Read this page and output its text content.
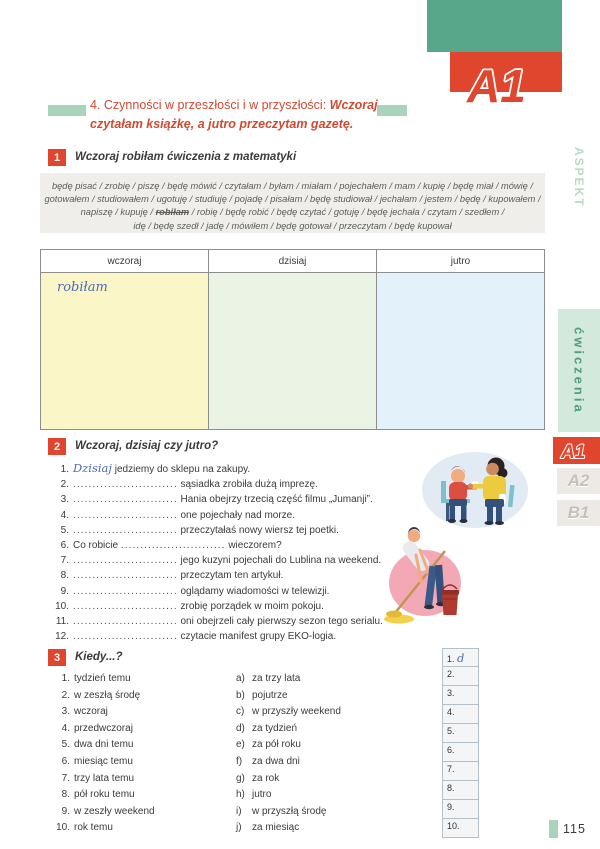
A1
ASPEKT
ćwiczenia
A1
A2
B1
4. Czynności w przeszłości i w przyszłości: Wczoraj
czytałam książkę, a jutro przeczytam gazetę.
1	Wczoraj robiłam ćwiczenia z matematyki
będę pisać / zrobię / piszę / będę mówić / czytałam / byłam / miałam / pojechałem / mam / kupię / będę miał / mówię /
gotowałem / studiowałem / ugotuję / studiuję / pojadę / pisałam / będę studiował / jechałam / jestem / będę / kupowałem /
napiszę / kupuję / robiłam / robię / będę robić / będę czytać / gotuję / będę jechała / czytam / szedłem /
idę / będę szedł / jadę / mówiłem / będę gotował / przeczytam / będę kupował
wczoraj	dzisiaj	jutro
robiłam		
2	Wczoraj, dzisiaj czy jutro?
1. Dzisiaj jedziemy do sklepu na zakupy.
2. ........................... sąsiadka zrobiła dużą imprezę.
3. ........................... Hania obejrzy trzecią część filmu „Jumanji”.
4. ........................... one pojechały nad morze.
5. ........................... przeczytałaś nowy wiersz tej poetki.
6. Co robicie ........................... wieczorem?
7. ........................... jego kuzyni pojechali do Lublina na weekend.
8. ........................... przeczytam ten artykuł.
9. ........................... oglądamy wiadomości w telewizji.
10. ........................... zrobię porządek w moim pokoju.
11. ........................... oni obejrzeli cały pierwszy sezon tego serialu.
12. ........................... czytacie manifest grupy EKO-logia.
3	Kiedy...?
1. tydzień temu
2. w zeszłą środę
3. wczoraj
4. przedwczoraj
5. dwa dni temu
6. miesiąc temu
7. trzy lata temu
8. pół roku temu
9. w zeszły weekend
10. rok temu
a) za trzy lata
b) pojutrze
c) w przyszły weekend
d) za tydzień
e) za pół roku
f) za dwa dni
g) za rok
h) jutro
i) w przyszłą środę
j) za miesiąc
1. d
2.
3.
4.
5.
6.
7.
8.
9.
10.	115
